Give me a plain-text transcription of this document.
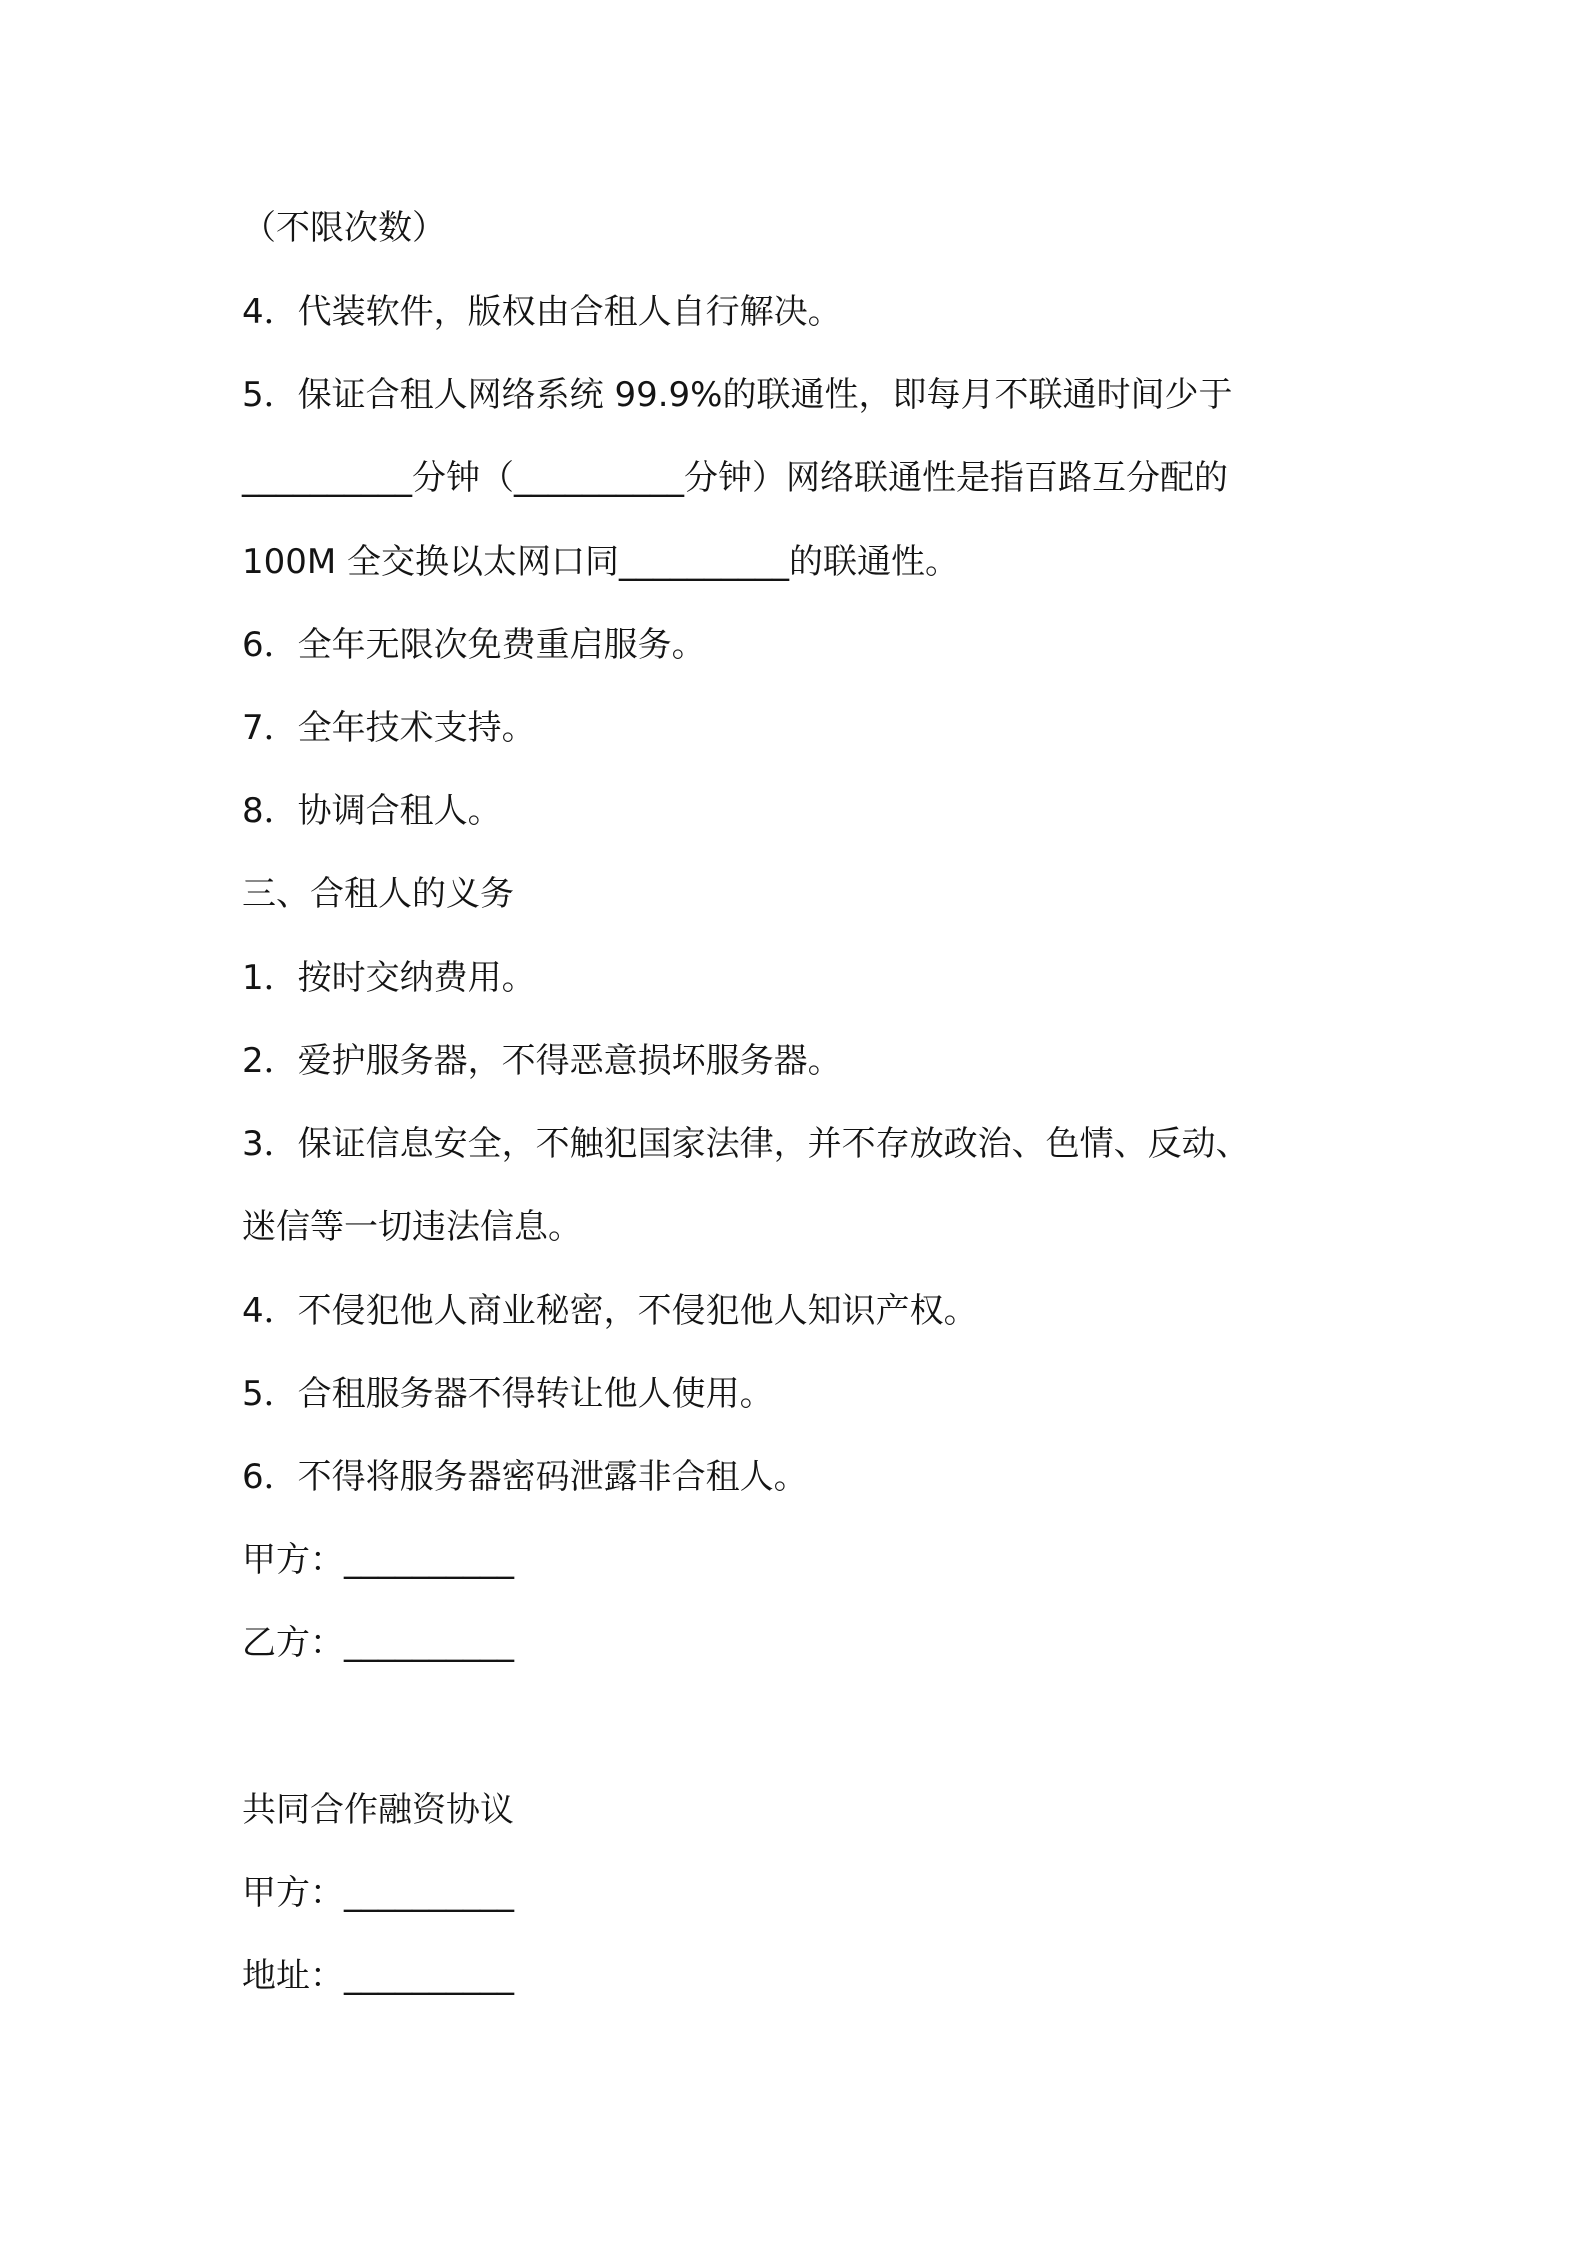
（不限次数）
4．代装软件，版权由合租人自行解决。
5．保证合租人网络系统 99.9%的联通性，即每月不联通时间少于
__________分钟（__________分钟）网络联通性是指百路互分配的
100M 全交换以太网口同__________的联通性。
6．全年无限次免费重启服务。
7．全年技术支持。
8．协调合租人。
三、合租人的义务
1．按时交纳费用。
2．爱护服务器，不得恶意损坏服务器。
3．保证信息安全，不触犯国家法律，并不存放政治、色情、反动、
迷信等一切违法信息。
4．不侵犯他人商业秘密，不侵犯他人知识产权。
5．合租服务器不得转让他人使用。
6．不得将服务器密码泄露非合租人。
甲方：__________
乙方：__________
共同合作融资协议
甲方：__________
地址：__________
